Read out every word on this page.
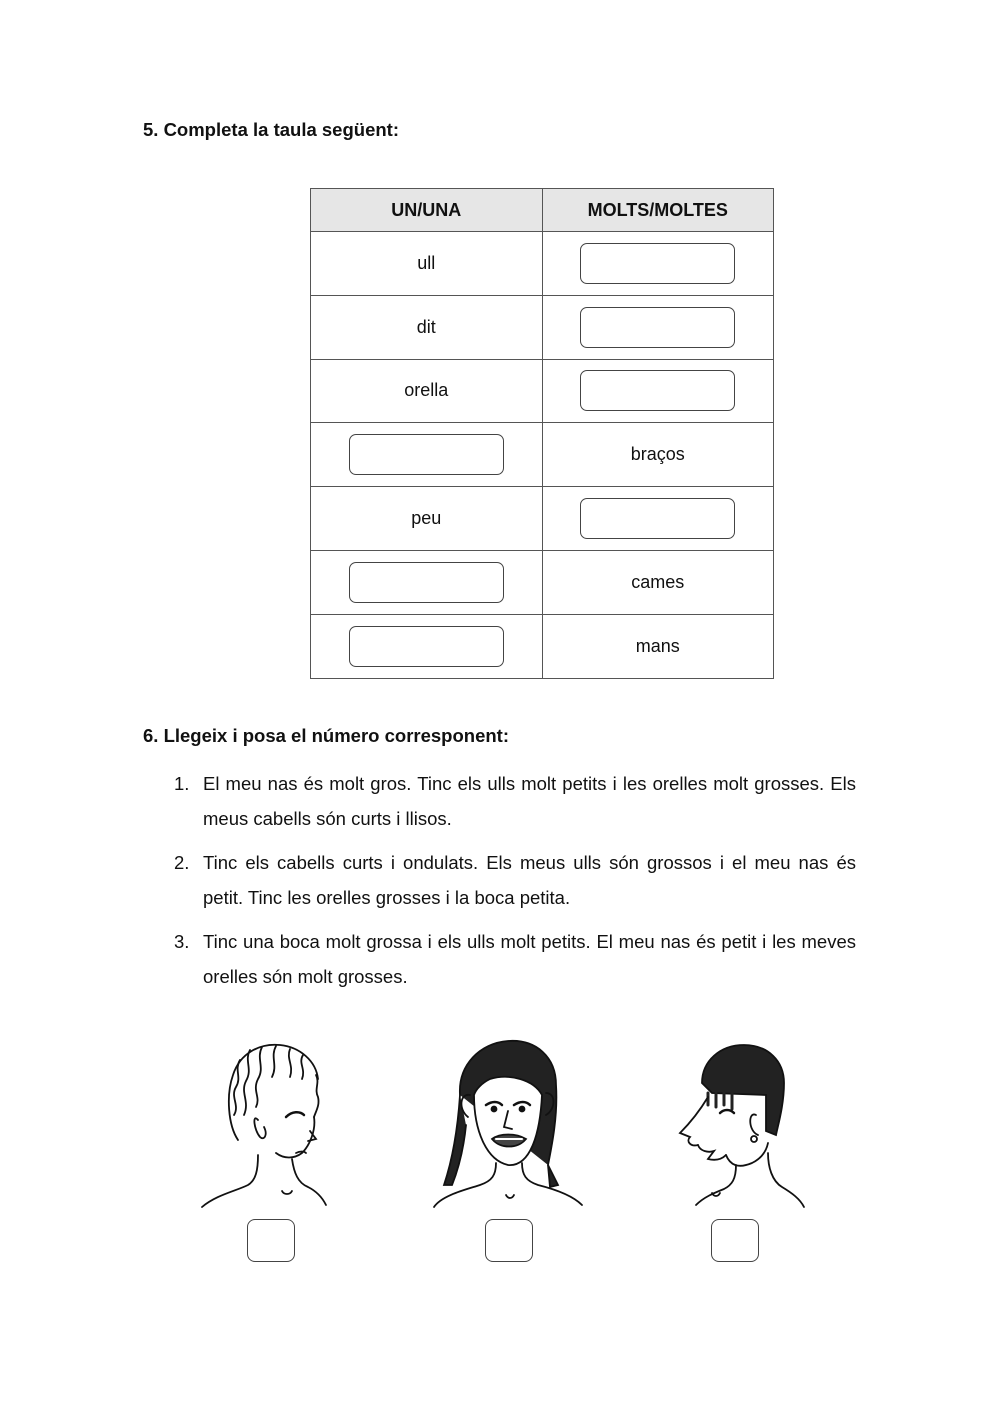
5. Completa la taula següent:
UN/UNA	MOLTS/MOLTES
ull	
dit	
orella	
	braços
peu	
	cames
	mans
6. Llegeix i posa el número corresponent:
1. El meu nas és molt gros. Tinc els ulls molt petits i les orelles molt grosses. Els meus cabells són curts i llisos.
2. Tinc els cabells curts i ondulats. Els meus ulls són grossos i el meu nas és petit. Tinc les orelles grosses i la boca petita.
3. Tinc una boca molt grossa i els ulls molt petits. El meu nas és petit i les meves orelles són molt grosses.
